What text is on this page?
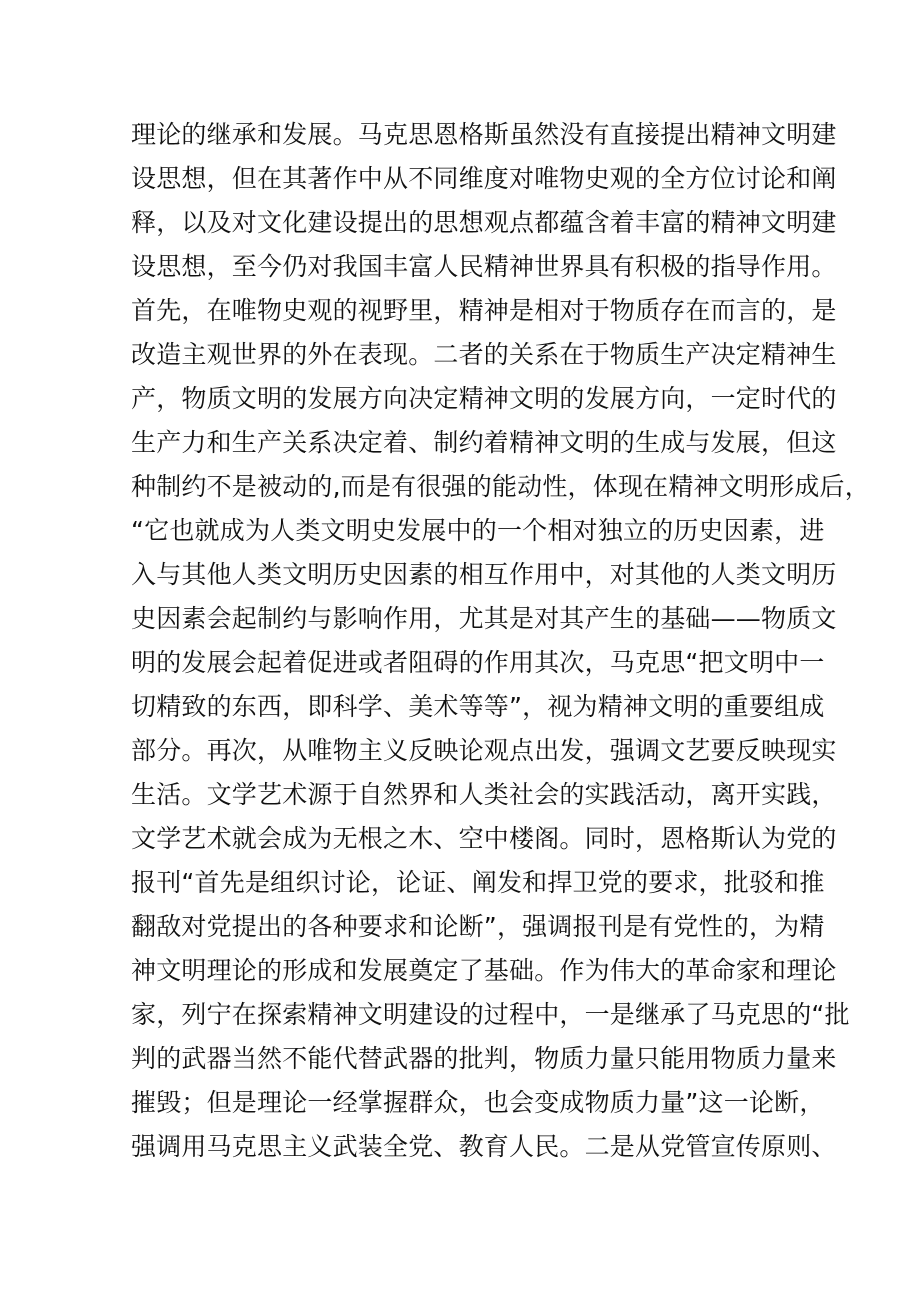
理论的继承和发展。马克思恩格斯虽然没有直接提出精神文明建
设思想，但在其著作中从不同维度对唯物史观的全方位讨论和阐
释，以及对文化建设提出的思想观点都蕴含着丰富的精神文明建
设思想，至今仍对我国丰富人民精神世界具有积极的指导作用。
首先，在唯物史观的视野里，精神是相对于物质存在而言的，是
改造主观世界的外在表现。二者的关系在于物质生产决定精神生
产，物质文明的发展方向决定精神文明的发展方向，一定时代的
生产力和生产关系决定着、制约着精神文明的生成与发展，但这
种制约不是被动的,而是有很强的能动性，体现在精神文明形成后，
“它也就成为人类文明史发展中的一个相对独立的历史因素，进
入与其他人类文明历史因素的相互作用中，对其他的人类文明历
史因素会起制约与影响作用，尤其是对其产生的基础——物质文
明的发展会起着促进或者阻碍的作用其次，马克思“把文明中一
切精致的东西，即科学、美术等等”，视为精神文明的重要组成
部分。再次，从唯物主义反映论观点出发，强调文艺要反映现实
生活。文学艺术源于自然界和人类社会的实践活动，离开实践，
文学艺术就会成为无根之木、空中楼阁。同时，恩格斯认为党的
报刊“首先是组织讨论，论证、阐发和捍卫党的要求，批驳和推
翻敌对党提出的各种要求和论断”，强调报刊是有党性的，为精
神文明理论的形成和发展奠定了基础。作为伟大的革命家和理论
家，列宁在探索精神文明建设的过程中，一是继承了马克思的“批
判的武器当然不能代替武器的批判，物质力量只能用物质力量来
摧毁；但是理论一经掌握群众，也会变成物质力量”这一论断，
强调用马克思主义武装全党、教育人民。二是从党管宣传原则、
